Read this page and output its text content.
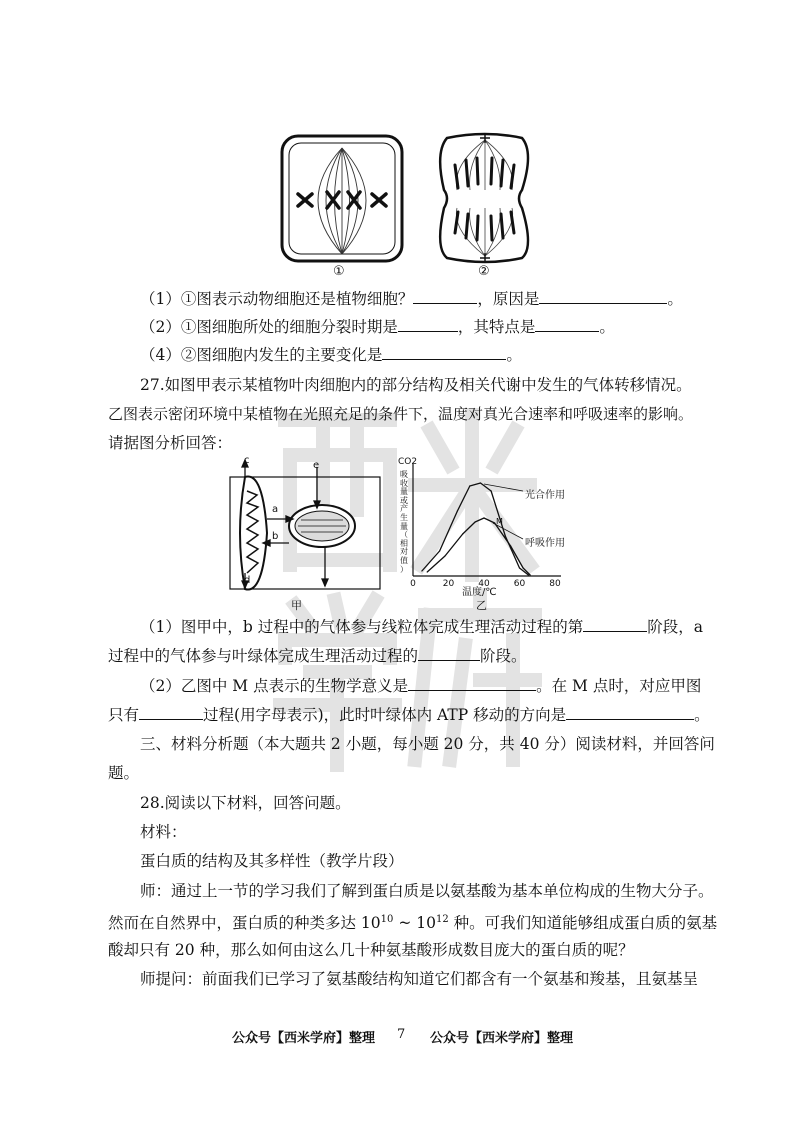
①	②
（1）①图表示动物细胞还是植物细胞？	，原因是	。
（2）①图细胞所处的细胞分裂时期是	，其特点是	。
（4）②图细胞内发生的主要变化是	。
27.如图甲表示某植物叶肉细胞内的部分结构及相关代谢中发生的气体转移情况。
乙图表示密闭环境中某植物在光照充足的条件下，温度对真光合速率和呼吸速率的影响。
请据图分析回答：
c	e
a
b
d	f
甲
0	20	40	60	80
CO2
吸
收
量
或
产
生
量
（
相
对
值
）
光合作用
呼吸作用
M
温度/℃
乙
（1）图甲中，b 过程中的气体参与线粒体完成生理活动过程的第	阶段，a
过程中的气体参与叶绿体完成生理活动过程的	阶段。
（2）乙图中 M 点表示的生物学意义是	。在 M 点时，对应甲图
只有	过程(用字母表示)，此时叶绿体内 ATP 移动的方向是	。
三、材料分析题（本大题共 2 小题，每小题 20 分，共 40 分）阅读材料，并回答问
题。
28.阅读以下材料，回答问题。
材料：
蛋白质的结构及其多样性（教学片段）
师：通过上一节的学习我们了解到蛋白质是以氨基酸为基本单位构成的生物大分子。
然而在自然界中，蛋白质的种类多达 $10^{10}$ ~ $10^{12}$ 种。可我们知道能够组成蛋白质的氨基
酸却只有 20 种，那么如何由这么几十种氨基酸形成数目庞大的蛋白质的呢？
师提问：前面我们已学习了氨基酸结构知道它们都含有一个氨基和羧基，且氨基呈
公众号【西米学府】整理 7 公众号【西米学府】整理
